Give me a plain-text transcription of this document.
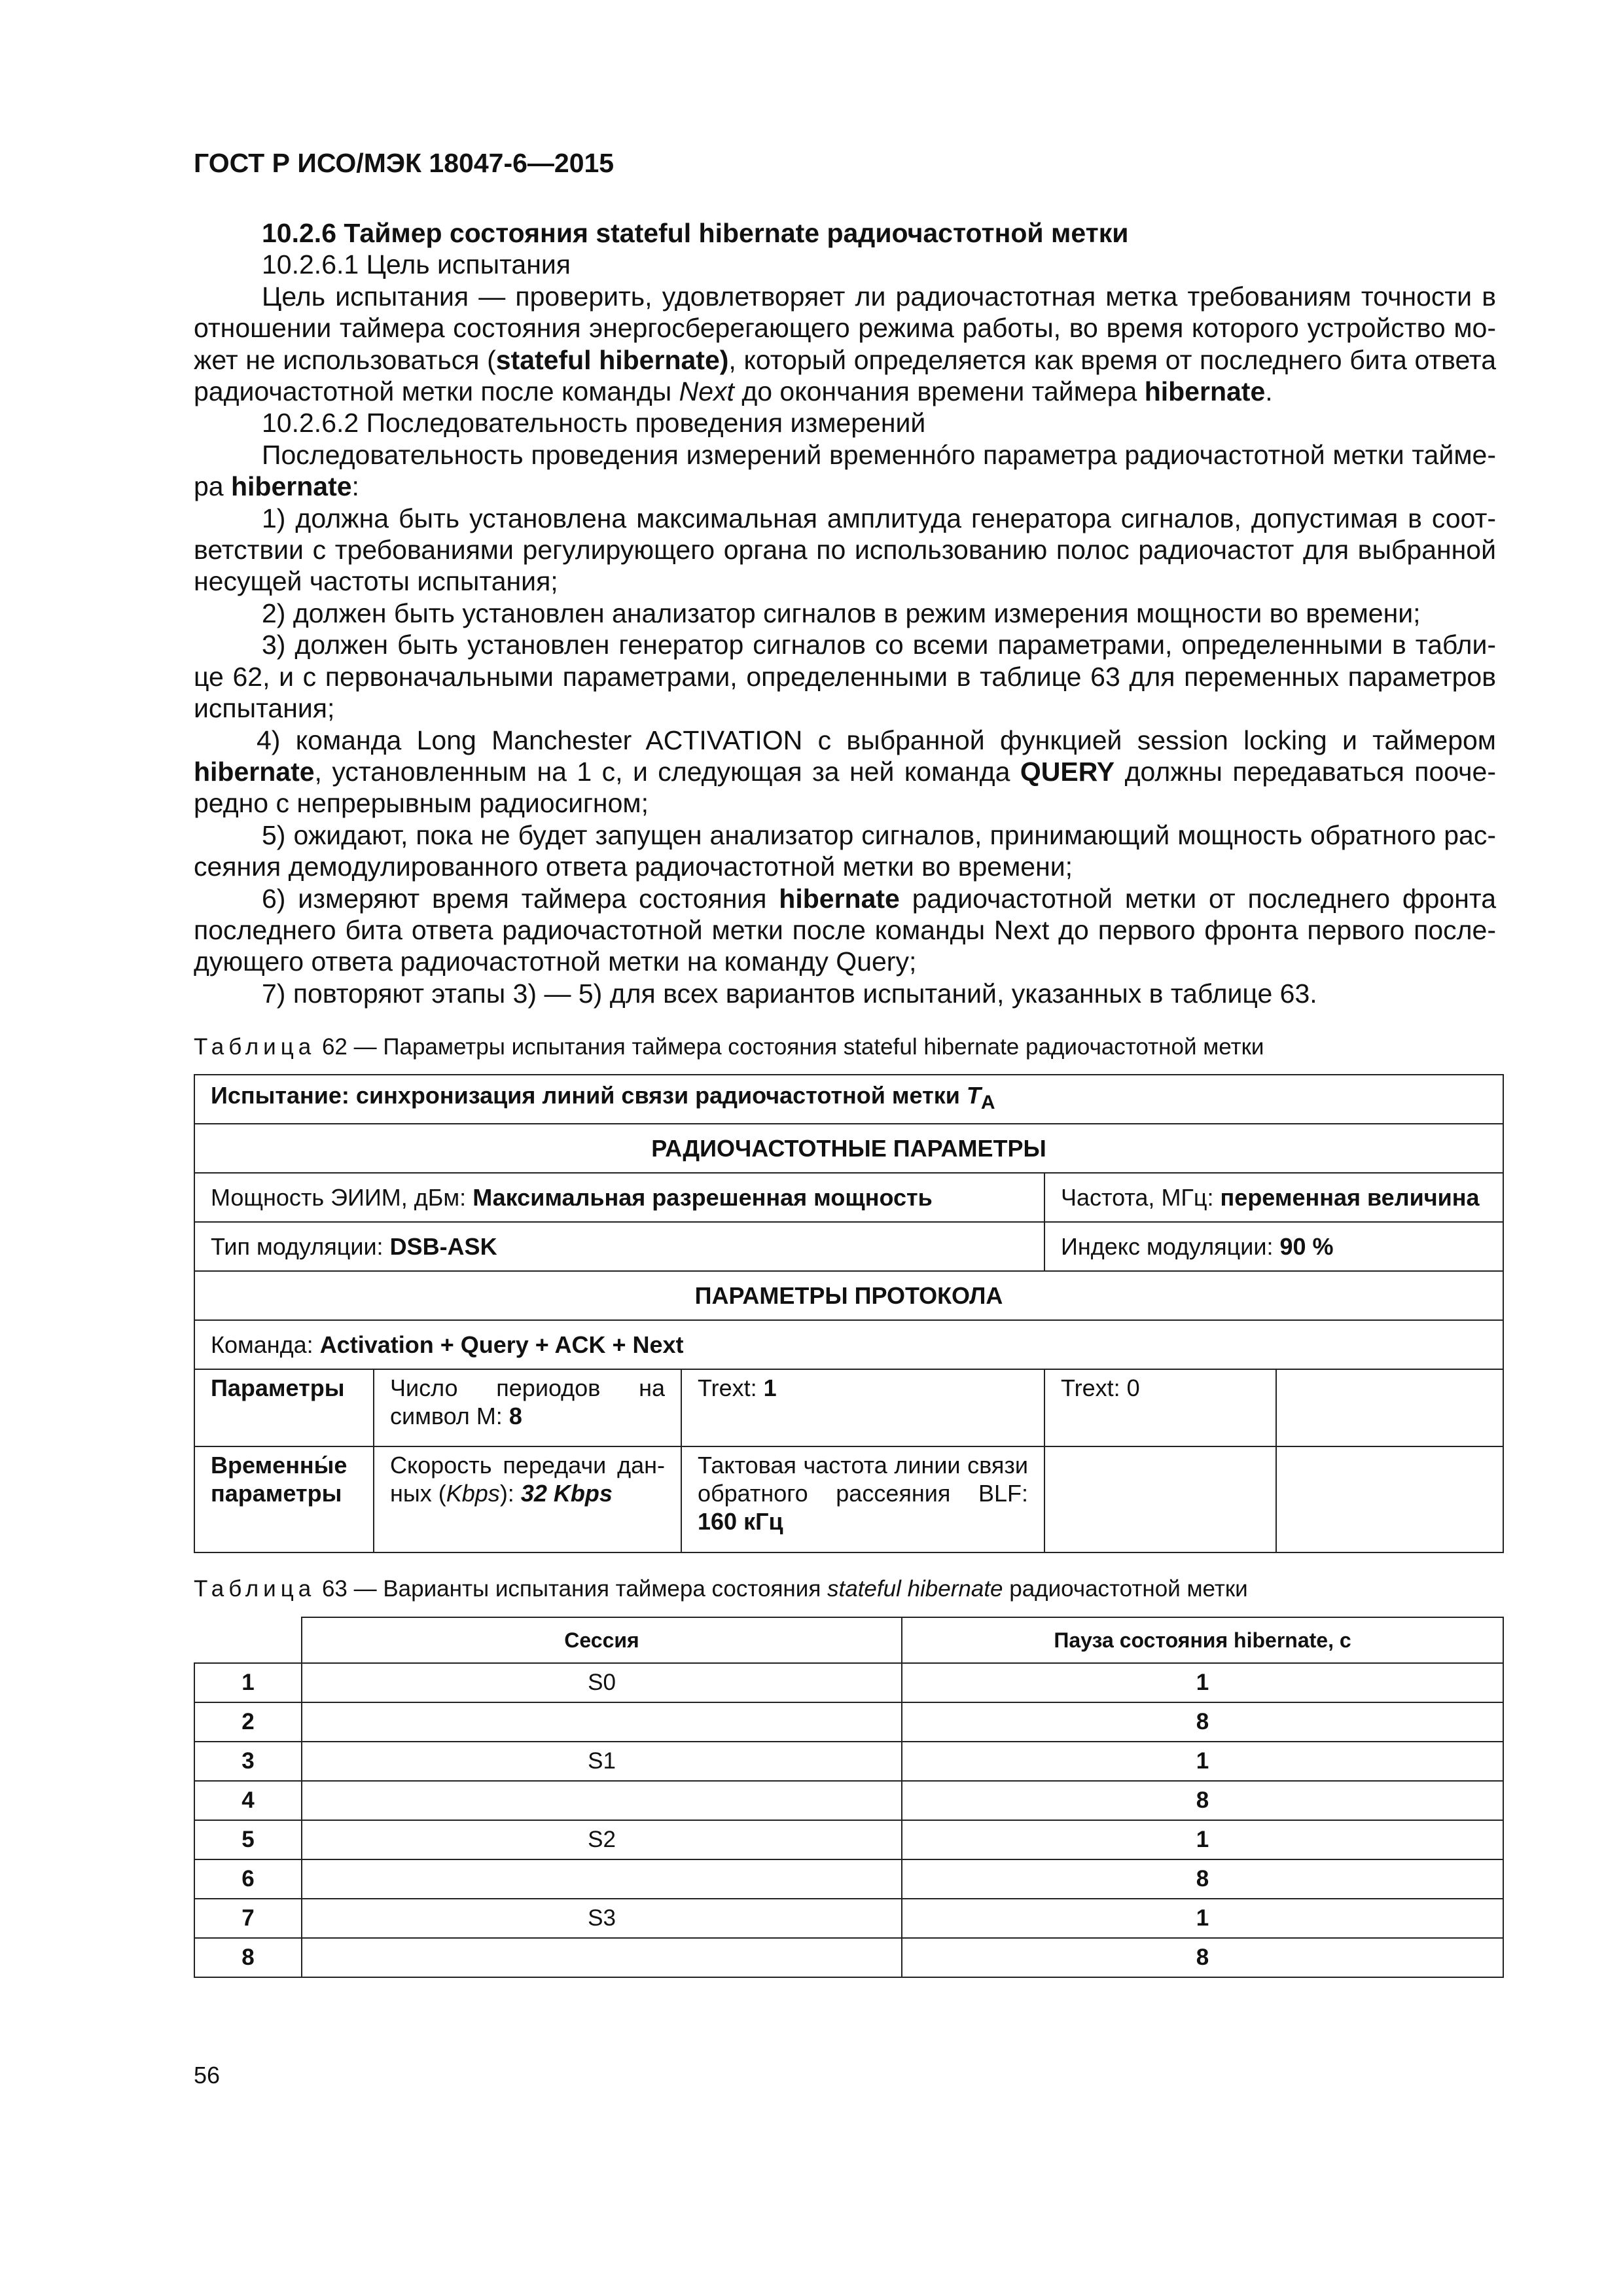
ГОСТ Р ИСО/МЭК 18047-6—2015

10.2.6 Таймер состояния stateful hibernate радиочастотной метки

10.2.6.1 Цель испытания

Цель испытания — проверить, удовлетворяет ли радиочастотная метка требованиям точности в отношении таймера состояния энергосберегающего режима работы, во время которого устройство мо-жет не использоваться (stateful hibernate), который определяется как время от последнего бита ответа радиочастотной метки после команды Next до окончания времени таймера hibernate.

10.2.6.2 Последовательность проведения измерений

Последовательность проведения измерений временнóго параметра радиочастотной метки тайме-ра hibernate:

1) должна быть установлена максимальная амплитуда генератора сигналов, допустимая в соот-ветствии с требованиями регулирующего органа по использованию полос радиочастот для выбранной несущей частоты испытания;

2) должен быть установлен анализатор сигналов в режим измерения мощности во времени;

3) должен быть установлен генератор сигналов со всеми параметрами, определенными в табли-це 62, и с первоначальными параметрами, определенными в таблице 63 для переменных параметров испытания;

4) команда Long Manchester ACTIVATION с выбранной функцией session locking и таймером hibernate, установленным на 1 с, и следующая за ней команда QUERY должны передаваться пооче-редно с непрерывным радиосигном;

5) ожидают, пока не будет запущен анализатор сигналов, принимающий мощность обратного рас-сеяния демодулированного ответа радиочастотной метки во времени;

6) измеряют время таймера состояния hibernate радиочастотной метки от последнего фронта последнего бита ответа радиочастотной метки после команды Next до первого фронта первого после-дующего ответа радиочастотной метки на команду Query;

7) повторяют этапы 3) — 5) для всех вариантов испытаний, указанных в таблице 63.

Таблица 62 — Параметры испытания таймера состояния stateful hibernate радиочастотной метки
Испытание: синхронизация линий связи радиочастотной метки $T_A$
РАДИОЧАСТОТНЫЕ ПАРАМЕТРЫ				
Мощность ЭИИМ, дБм: Максимальная разрешенная мощность			Частота, МГц: переменная величина	
Тип модуляции: DSB-ASK			Индекс модуляции: 90 %	
ПАРАМЕТРЫ ПРОТОКОЛА				
Команда: Activation + Query + ACK + Next				
Параметры	Число периодов на символ M: 8	Trext: 1	Trext: 0	
Временны́е параметры	Скорость передачи дан-ных (Kbps): 32 Kbps	Тактовая частота линии связи обратного рассеяния BLF: 160 кГц		
Таблица 63 — Варианты испытания таймера состояния stateful hibernate радиочастотной метки
	Сессия	Пауза состояния hibernate, с
1	S0	1
2		8
3	S1	1
4		8
5	S2	1
6		8
7	S3	1
8		8
56
